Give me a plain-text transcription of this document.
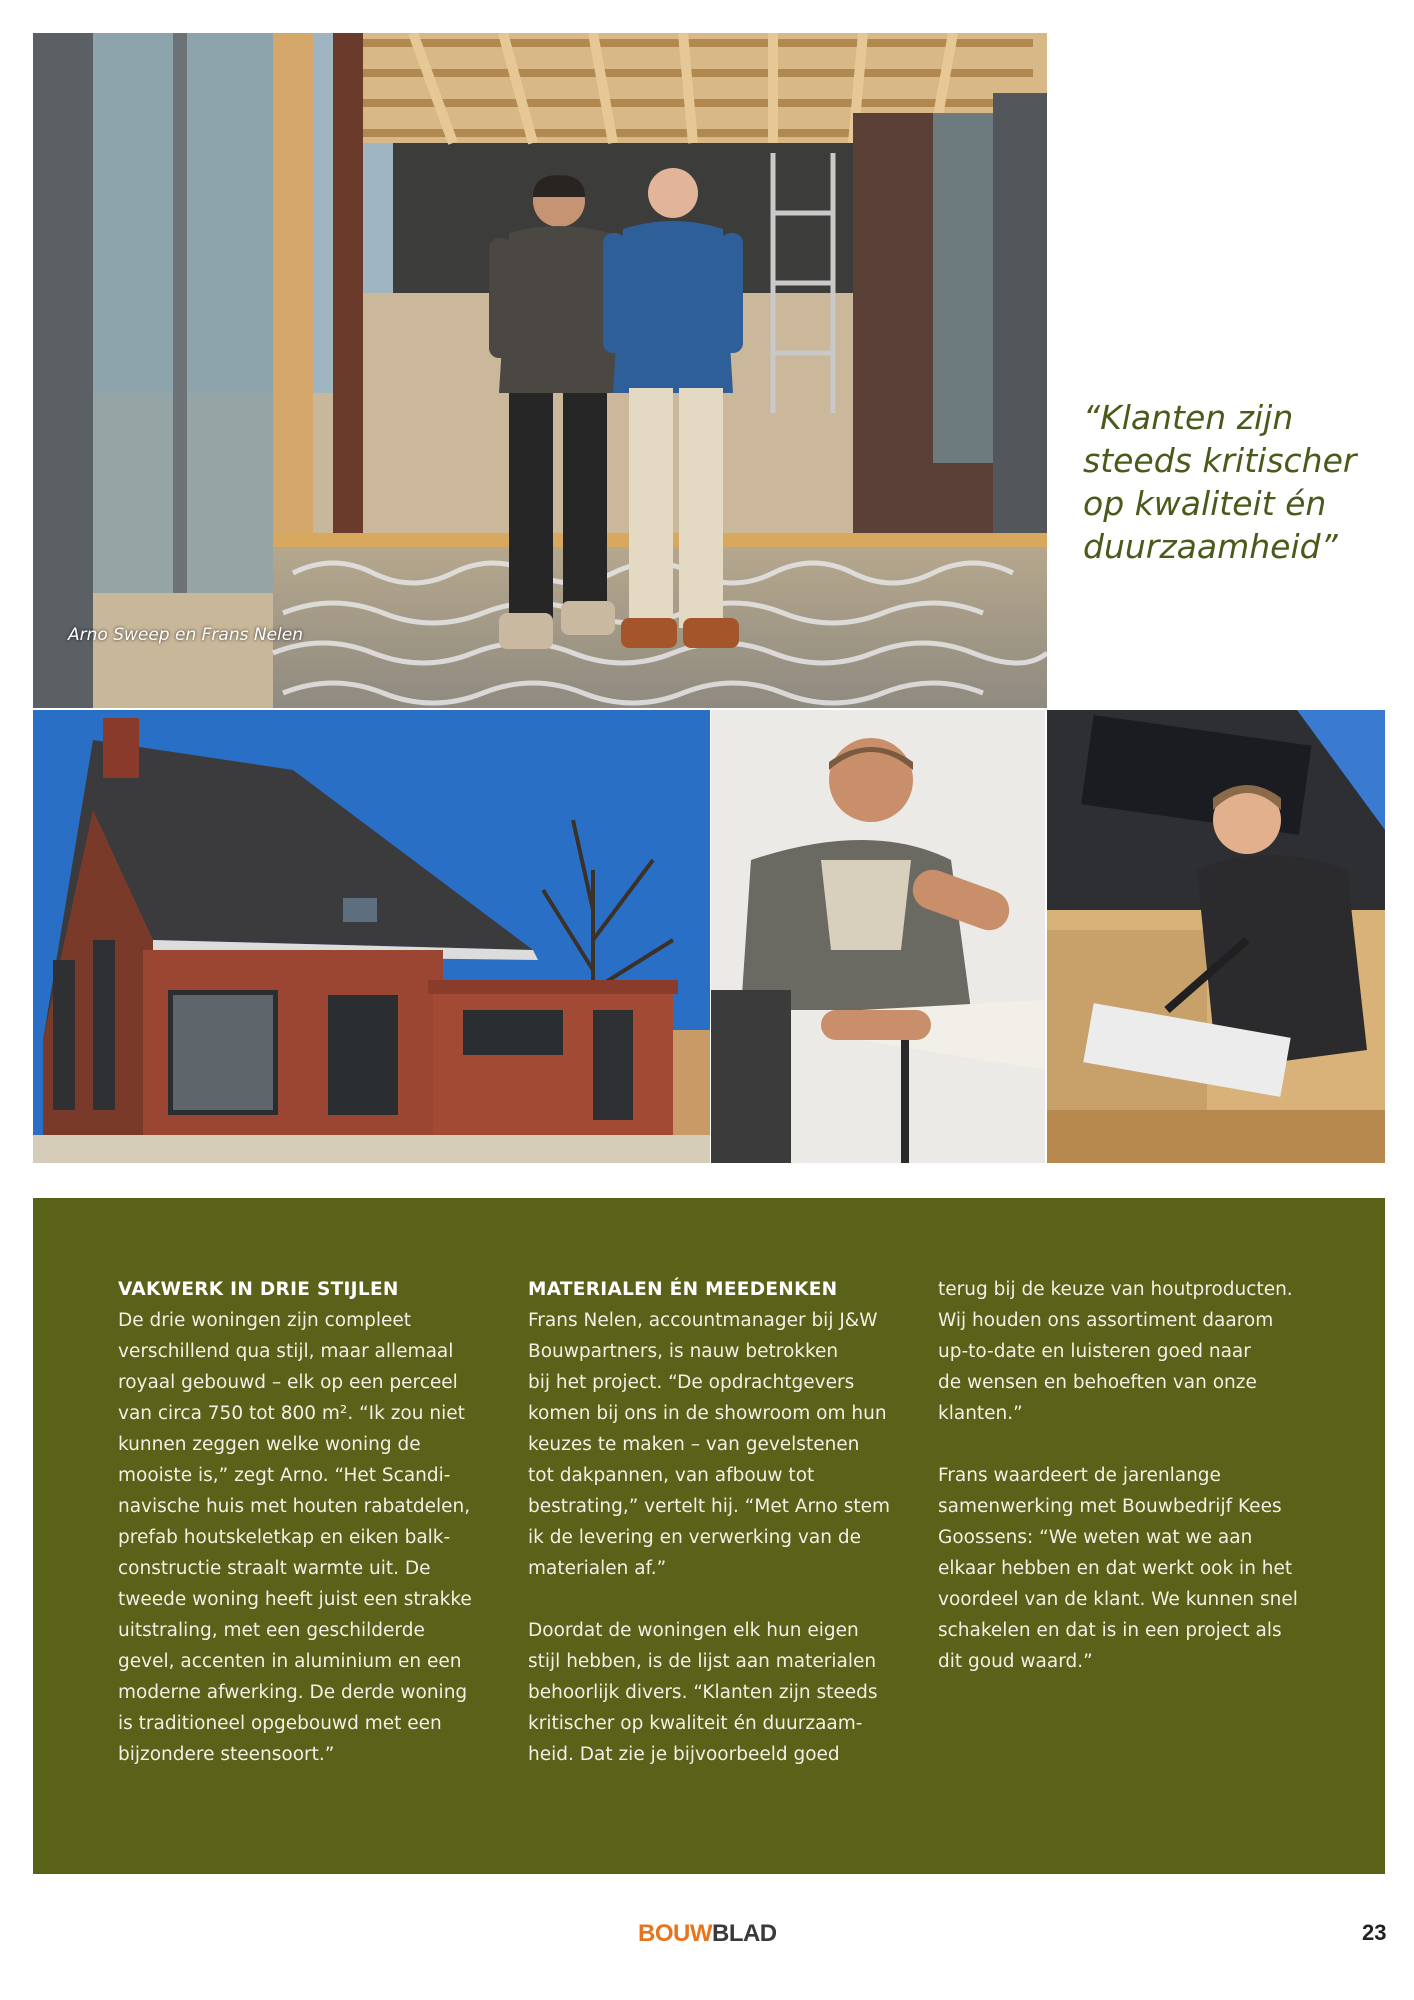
Arno Sweep en Frans Nelen
“Klanten zijn
steeds kritischer
op kwaliteit én
duurzaamheid”
VAKWERK IN DRIE STIJLEN
De drie woningen zijn compleet
verschillend qua stijl, maar allemaal
royaal gebouwd – elk op een perceel
van circa 750 tot 800 m². “Ik zou niet
kunnen zeggen welke woning de
mooiste is,” zegt Arno. “Het Scandi-
navische huis met houten rabatdelen,
prefab houtskeletkap en eiken balk-
constructie straalt warmte uit. De
tweede woning heeft juist een strakke
uitstraling, met een geschilderde
gevel, accenten in aluminium en een
moderne afwerking. De derde woning
is traditioneel opgebouwd met een
bijzondere steensoort.”
MATERIALEN ÉN MEEDENKEN
Frans Nelen, accountmanager bij J&W
Bouwpartners, is nauw betrokken
bij het project. “De opdrachtgevers
komen bij ons in de showroom om hun
keuzes te maken – van gevelstenen
tot dakpannen, van afbouw tot
bestrating,” vertelt hij. “Met Arno stem
ik de levering en verwerking van de
materialen af.”
Doordat de woningen elk hun eigen
stijl hebben, is de lijst aan materialen
behoorlijk divers. “Klanten zijn steeds
kritischer op kwaliteit én duurzaam-
heid. Dat zie je bijvoorbeeld goed
terug bij de keuze van houtproducten.
Wij houden ons assortiment daarom
up-to-date en luisteren goed naar
de wensen en behoeften van onze
klanten.”
Frans waardeert de jarenlange
samenwerking met Bouwbedrijf Kees
Goossens: “We weten wat we aan
elkaar hebben en dat werkt ook in het
voordeel van de klant. We kunnen snel
schakelen en dat is in een project als
dit goud waard.”
BOUWBLAD	23
